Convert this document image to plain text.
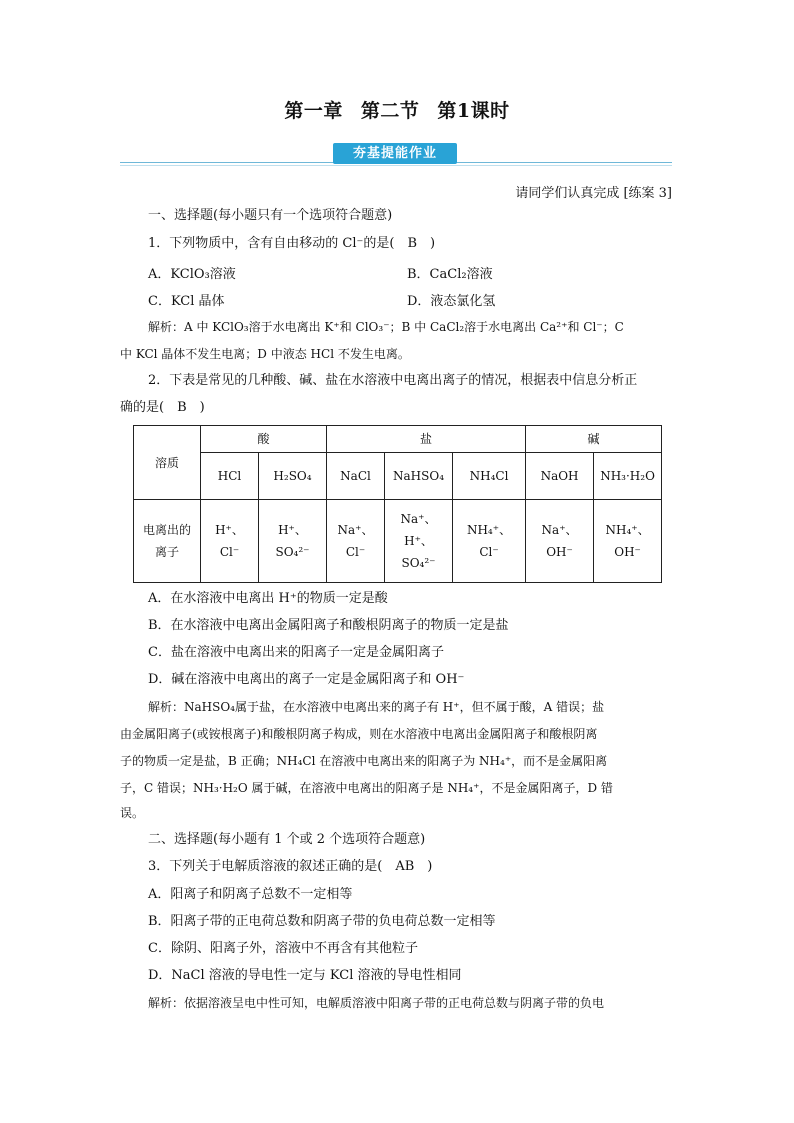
第一章 第二节 第1课时
夯基提能作业
请同学们认真完成 [练案 3]
一、选择题(每小题只有一个选项符合题意)
1．下列物质中，含有自由移动的 Cl⁻的是(　B　)
A．KClO₃溶液	B．CaCl₂溶液
C．KCl 晶体	D．液态氯化氢
解析：A 中 KClO₃溶于水电离出 K⁺和 ClO₃⁻；B 中 CaCl₂溶于水电离出 Ca²⁺和 Cl⁻；C
中 KCl 晶体不发生电离；D 中液态 HCl 不发生电离。
2．下表是常见的几种酸、碱、盐在水溶液中电离出离子的情况，根据表中信息分析正
确的是(　B　)
溶质	酸		盐			碱	
	HCl	H₂SO₄	NaCl	NaHSO₄	NH₄Cl	NaOH	NH₃·H₂O
电离出的离子	H⁺、Cl⁻	H⁺、SO₄²⁻	Na⁺、Cl⁻	Na⁺、H⁺、SO₄²⁻	NH₄⁺、Cl⁻	Na⁺、OH⁻	NH₄⁺、OH⁻
A．在水溶液中电离出 H⁺的物质一定是酸
B．在水溶液中电离出金属阳离子和酸根阴离子的物质一定是盐
C．盐在溶液中电离出来的阳离子一定是金属阳离子
D．碱在溶液中电离出的离子一定是金属阳离子和 OH⁻
解析：NaHSO₄属于盐，在水溶液中电离出来的离子有 H⁺，但不属于酸，A 错误；盐
由金属阳离子(或铵根离子)和酸根阴离子构成，则在水溶液中电离出金属阳离子和酸根阴离
子的物质一定是盐，B 正确；NH₄Cl 在溶液中电离出来的阳离子为 NH₄⁺，而不是金属阳离
子，C 错误；NH₃·H₂O 属于碱，在溶液中电离出的阳离子是 NH₄⁺，不是金属阳离子，D 错
误。
二、选择题(每小题有 1 个或 2 个选项符合题意)
3．下列关于电解质溶液的叙述正确的是(　AB　)
A．阳离子和阴离子总数不一定相等
B．阳离子带的正电荷总数和阴离子带的负电荷总数一定相等
C．除阴、阳离子外，溶液中不再含有其他粒子
D．NaCl 溶液的导电性一定与 KCl 溶液的导电性相同
解析：依据溶液呈电中性可知，电解质溶液中阳离子带的正电荷总数与阴离子带的负电
